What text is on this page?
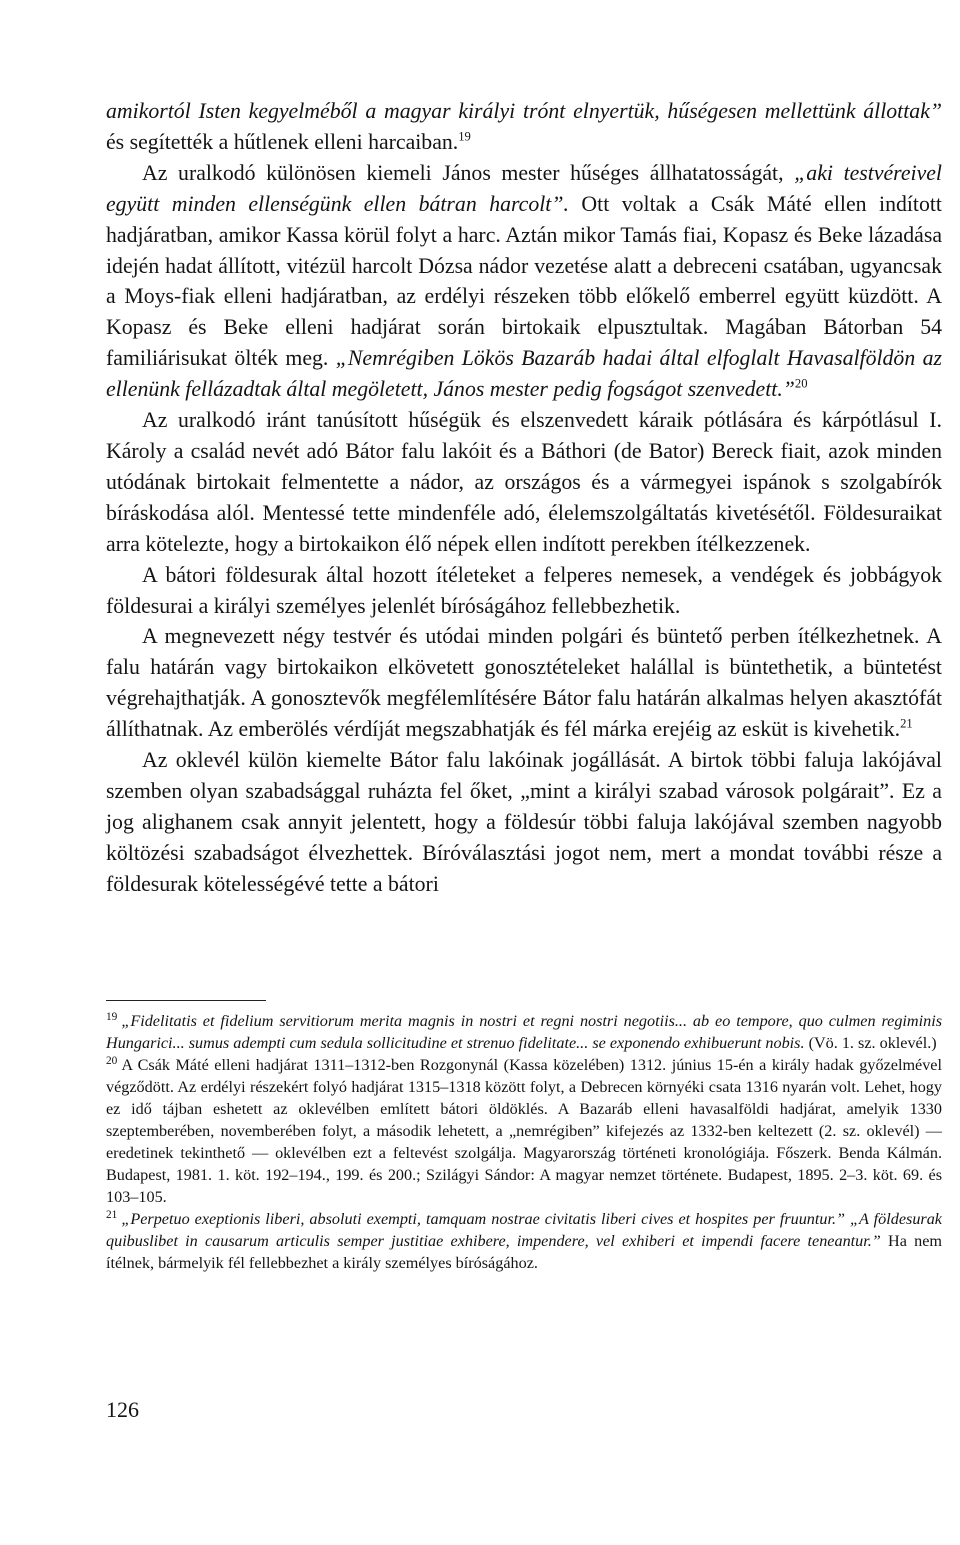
amikortól Isten kegyelméből a magyar királyi trónt elnyertük, hűségesen mellettünk állottak” és segítették a hűtlenek elleni harcaiban.$^{19}$

Az uralkodó különösen kiemeli János mester hűséges állhatatosságát, „aki testvéreivel együtt minden ellenségünk ellen bátran harcolt”. Ott voltak a Csák Máté ellen indított hadjáratban, amikor Kassa körül folyt a harc. Aztán mikor Tamás fiai, Kopasz és Beke lázadása idején hadat állított, vitézül harcolt Dózsa nádor vezetése alatt a debreceni csatában, ugyancsak a Moys-fiak elleni hadjáratban, az erdélyi részeken több előkelő emberrel együtt küzdött. A Kopasz és Beke elleni hadjárat során birtokaik elpusztultak. Magában Bátorban 54 familiárisukat ölték meg. „Nemrégiben Lökös Bazaráb hadai által elfoglalt Havasalföldön az ellenünk fellázadtak által megöletett, János mester pedig fogságot szenvedett.”$^{20}$

Az uralkodó iránt tanúsított hűségük és elszenvedett káraik pótlására és kárpótlásul I. Károly a család nevét adó Bátor falu lakóit és a Báthori (de Bator) Bereck fiait, azok minden utódának birtokait felmentette a nádor, az országos és a vármegyei ispánok s szolgabírók bíráskodása alól. Mentessé tette mindenféle adó, élelemszolgáltatás kivetésétől. Földesuraikat arra kötelezte, hogy a birtokaikon élő népek ellen indított perekben ítélkezzenek.

A bátori földesurak által hozott ítéleteket a felperes nemesek, a vendégek és jobbágyok földesurai a királyi személyes jelenlét bíróságához fellebbezhetik.

A megnevezett négy testvér és utódai minden polgári és büntető perben ítélkezhetnek. A falu határán vagy birtokaikon elkövetett gonosztételeket halállal is büntethetik, a büntetést végrehajthatják. A gonosztevők megfélemlítésére Bátor falu határán alkalmas helyen akasztófát állíthatnak. Az emberölés vérdíját megszabhatják és fél márka erejéig az esküt is kivehetik.$^{21}$

Az oklevél külön kiemelte Bátor falu lakóinak jogállását. A birtok többi faluja lakójával szemben olyan szabadsággal ruházta fel őket, „mint a királyi szabad városok polgárait”. Ez a jog alighanem csak annyit jelentett, hogy a földesúr többi faluja lakójával szemben nagyobb költözési szabadságot élvezhettek. Bíróválasztási jogot nem, mert a mondat további része a földesurak kötelességévé tette a bátori

$^{19}$ „Fidelitatis et fidelium servitiorum merita magnis in nostri et regni nostri negotiis... ab eo tempore, quo culmen regiminis Hungarici... sumus adempti cum sedula sollicitudine et strenuo fidelitate... se exponendo exhibuerunt nobis. (Vö. 1. sz. oklevél.)

$^{20}$ A Csák Máté elleni hadjárat 1311–1312-ben Rozgonynál (Kassa közelében) 1312. június 15-én a király hadak győzelmével végződött. Az erdélyi részekért folyó hadjárat 1315–1318 között folyt, a Debrecen környéki csata 1316 nyarán volt. Lehet, hogy ez idő tájban eshetett az oklevélben említett bátori öldöklés. A Bazaráb elleni havasalföldi hadjárat, amelyik 1330 szeptemberében, novemberében folyt, a második lehetett, a „nemrégiben” kifejezés az 1332-ben keltezett (2. sz. oklevél) — eredetinek tekinthető — oklevélben ezt a feltevést szolgálja. Magyarország történeti kronológiája. Főszerk. Benda Kálmán. Budapest, 1981. 1. köt. 192–194., 199. és 200.; Szilágyi Sándor: A magyar nemzet története. Budapest, 1895. 2–3. köt. 69. és 103–105.

$^{21}$ „Perpetuo exeptionis liberi, absoluti exempti, tamquam nostrae civitatis liberi cives et hospites per fruuntur.” „A földesurak quibuslibet in causarum articulis semper justitiae exhibere, impendere, vel exhiberi et impendi facere teneantur.” Ha nem ítélnek, bármelyik fél fellebbezhet a király személyes bíróságához.

126
